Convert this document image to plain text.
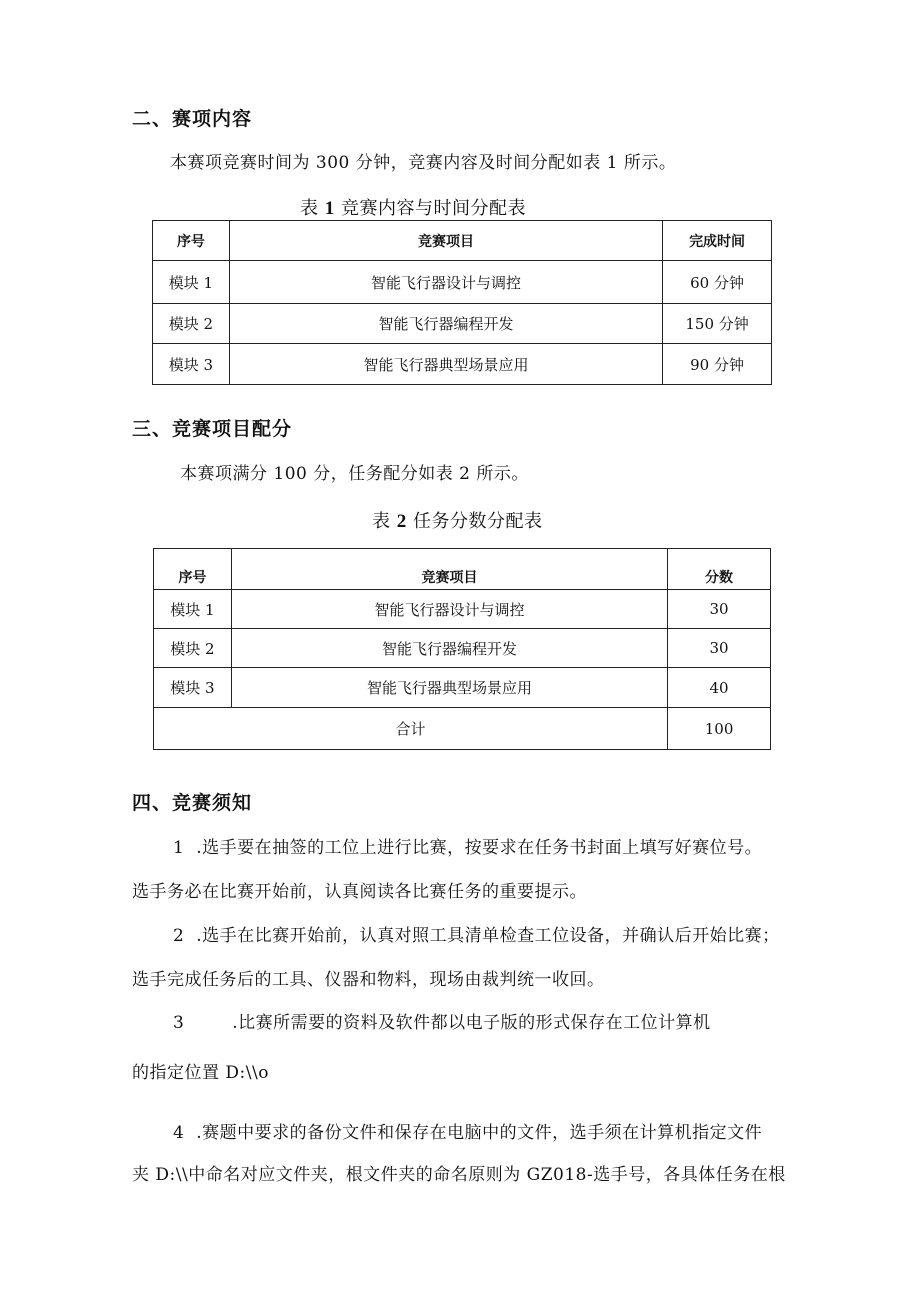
二、赛项内容
本赛项竞赛时间为 300 分钟，竞赛内容及时间分配如表 1 所示。
表 1 竞赛内容与时间分配表
序号	竞赛项目	完成时间
模块 1	智能飞行器设计与调控	60 分钟
模块 2	智能飞行器编程开发	150 分钟
模块 3	智能飞行器典型场景应用	90 分钟
三、竞赛项目配分
本赛项满分 100 分，任务配分如表 2 所示。
表 2 任务分数分配表
序号	竞赛项目	分数
模块 1	智能飞行器设计与调控	30
模块 2	智能飞行器编程开发	30
模块 3	智能飞行器典型场景应用	40
合计		100
四、竞赛须知
1 .选手要在抽签的工位上进行比赛，按要求在任务书封面上填写好赛位号。
选手务必在比赛开始前，认真阅读各比赛任务的重要提示。
2 .选手在比赛开始前，认真对照工具清单检查工位设备，并确认后开始比赛；
选手完成任务后的工具、仪器和物料，现场由裁判统一收回。
3	.比赛所需要的资料及软件都以电子版的形式保存在工位计算机
的指定位置 D:\\o
4 .赛题中要求的备份文件和保存在电脑中的文件，选手须在计算机指定文件
夹 D:\\中命名对应文件夹，根文件夹的命名原则为 GZ018-选手号，各具体任务在根
